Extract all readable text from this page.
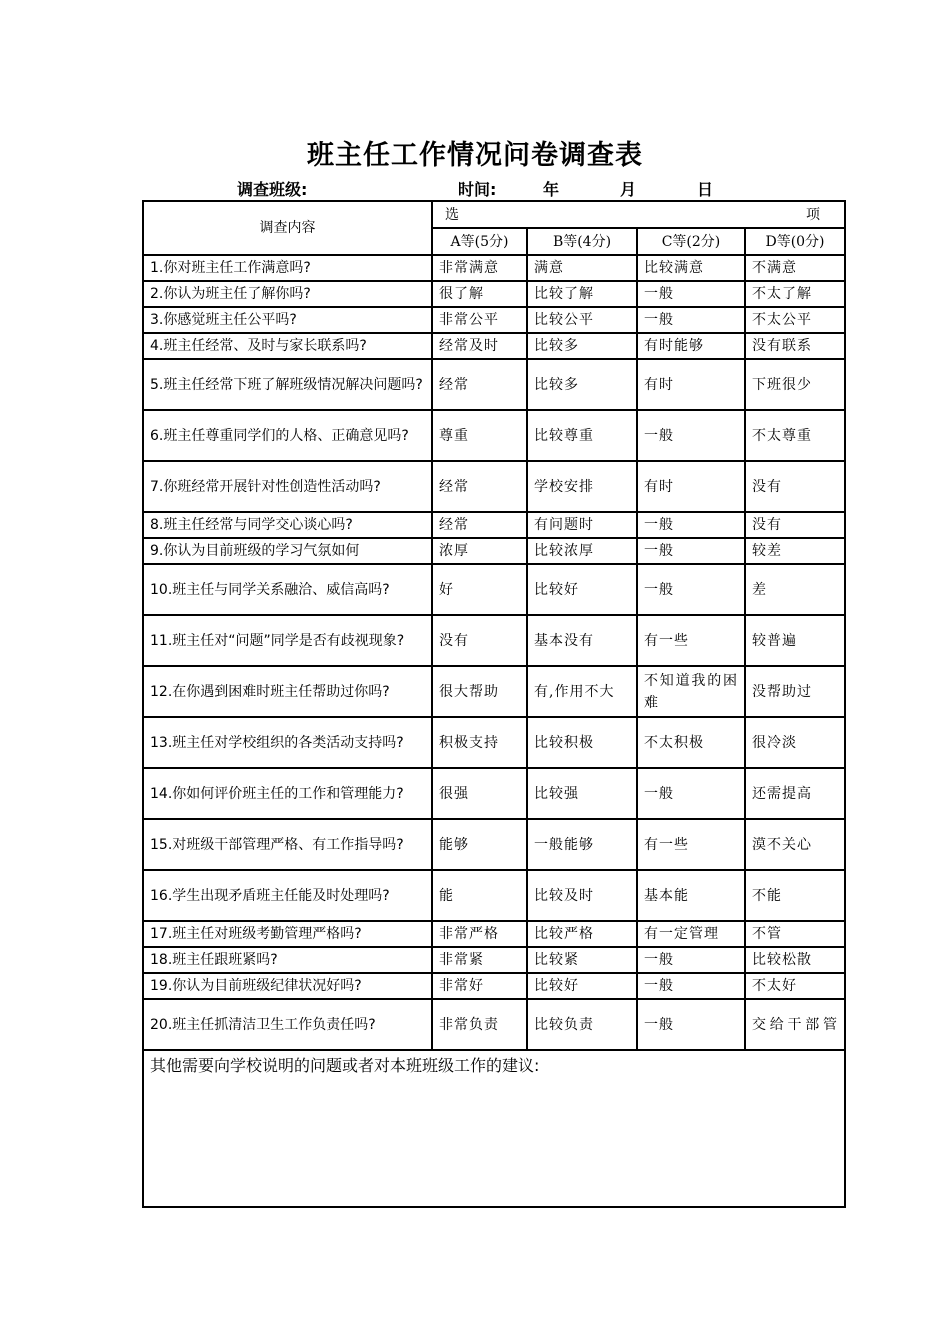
班主任工作情况问卷调查表
调查班级:	时间:	年	月	日
调查内容	选 项			

	A等(5分)	B等(4分)	C等(2分)	D等(0分)
1.你对班主任工作满意吗?	非常满意	满意	比较满意	不满意
2.你认为班主任了解你吗?	很了解	比较了解	一般	不太了解
3.你感觉班主任公平吗?	非常公平	比较公平	一般	不太公平
4.班主任经常、及时与家长联系吗?	经常及时	比较多	有时能够	没有联系
5.班主任经常下班了解班级情况解决问题吗?	经常	比较多	有时	下班很少
6.班主任尊重同学们的人格、正确意见吗?	尊重	比较尊重	一般	不太尊重
7.你班经常开展针对性创造性活动吗?	经常	学校安排	有时	没有
8.班主任经常与同学交心谈心吗?	经常	有问题时	一般	没有
9.你认为目前班级的学习气氛如何	浓厚	比较浓厚	一般	较差
10.班主任与同学关系融洽、威信高吗?	好	比较好	一般	差
11.班主任对“问题”同学是否有歧视现象?	没有	基本没有	有一些	较普遍
12.在你遇到困难时班主任帮助过你吗?	很大帮助	有,作用不大	不知道我的困难	没帮助过
13.班主任对学校组织的各类活动支持吗?	积极支持	比较积极	不太积极	很冷淡
14.你如何评价班主任的工作和管理能力?	很强	比较强	一般	还需提高
15.对班级干部管理严格、有工作指导吗?	能够	一般能够	有一些	漠不关心
16.学生出现矛盾班主任能及时处理吗?	能	比较及时	基本能	不能
17.班主任对班级考勤管理严格吗?	非常严格	比较严格	有一定管理	不管
18.班主任跟班紧吗?	非常紧	比较紧	一般	比较松散
19.你认为目前班级纪律状况好吗?	非常好	比较好	一般	不太好
20.班主任抓清洁卫生工作负责任吗?	非常负责	比较负责	一般	交给干部管
其他需要向学校说明的问题或者对本班班级工作的建议:				
